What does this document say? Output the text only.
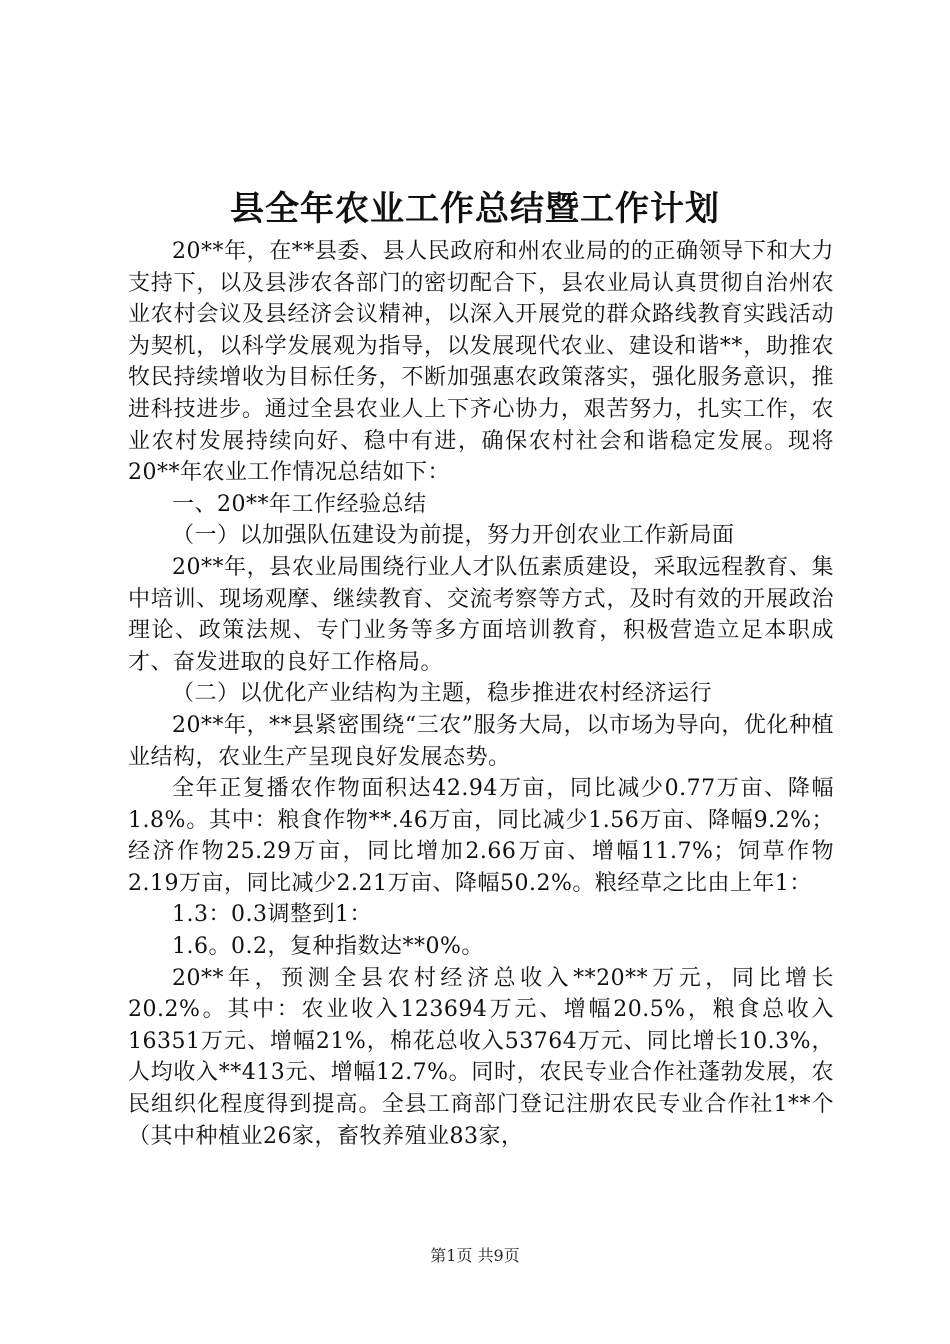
县全年农业工作总结暨工作计划

20**年，在**县委、县人民政府和州农业局的的正确领导下和大力支持下，以及县涉农各部门的密切配合下，县农业局认真贯彻自治州农业农村会议及县经济会议精神，以深入开展党的群众路线教育实践活动为契机，以科学发展观为指导，以发展现代农业、建设和谐**，助推农牧民持续增收为目标任务，不断加强惠农政策落实，强化服务意识，推进科技进步。通过全县农业人上下齐心协力，艰苦努力，扎实工作，农业农村发展持续向好、稳中有进，确保农村社会和谐稳定发展。现将20**年农业工作情况总结如下：

一、20**年工作经验总结

（一）以加强队伍建设为前提，努力开创农业工作新局面

20**年，县农业局围绕行业人才队伍素质建设，采取远程教育、集中培训、现场观摩、继续教育、交流考察等方式，及时有效的开展政治理论、政策法规、专门业务等多方面培训教育，积极营造立足本职成才、奋发进取的良好工作格局。

（二）以优化产业结构为主题，稳步推进农村经济运行

20**年，**县紧密围绕“三农”服务大局，以市场为导向，优化种植业结构，农业生产呈现良好发展态势。

全年正复播农作物面积达42.94万亩，同比减少0.77万亩、降幅1.8%。其中：粮食作物**.46万亩，同比减少1.56万亩、降幅9.2%；经济作物25.29万亩，同比增加2.66万亩、增幅11.7%；饲草作物2.19万亩，同比减少2.21万亩、降幅50.2%。粮经草之比由上年1：

1.3：0.3调整到1：

1.6。0.2，复种指数达**0%。

20**年，预测全县农村经济总收入**20**万元，同比增长20.2%。其中：农业收入123694万元、增幅20.5%，粮食总收入16351万元、增幅21%，棉花总收入53764万元、同比增长10.3%，人均收入**413元、增幅12.7%。同时，农民专业合作社蓬勃发展，农民组织化程度得到提高。全县工商部门登记注册农民专业合作社1**个（其中种植业26家，畜牧养殖业83家，

第1页 共9页
